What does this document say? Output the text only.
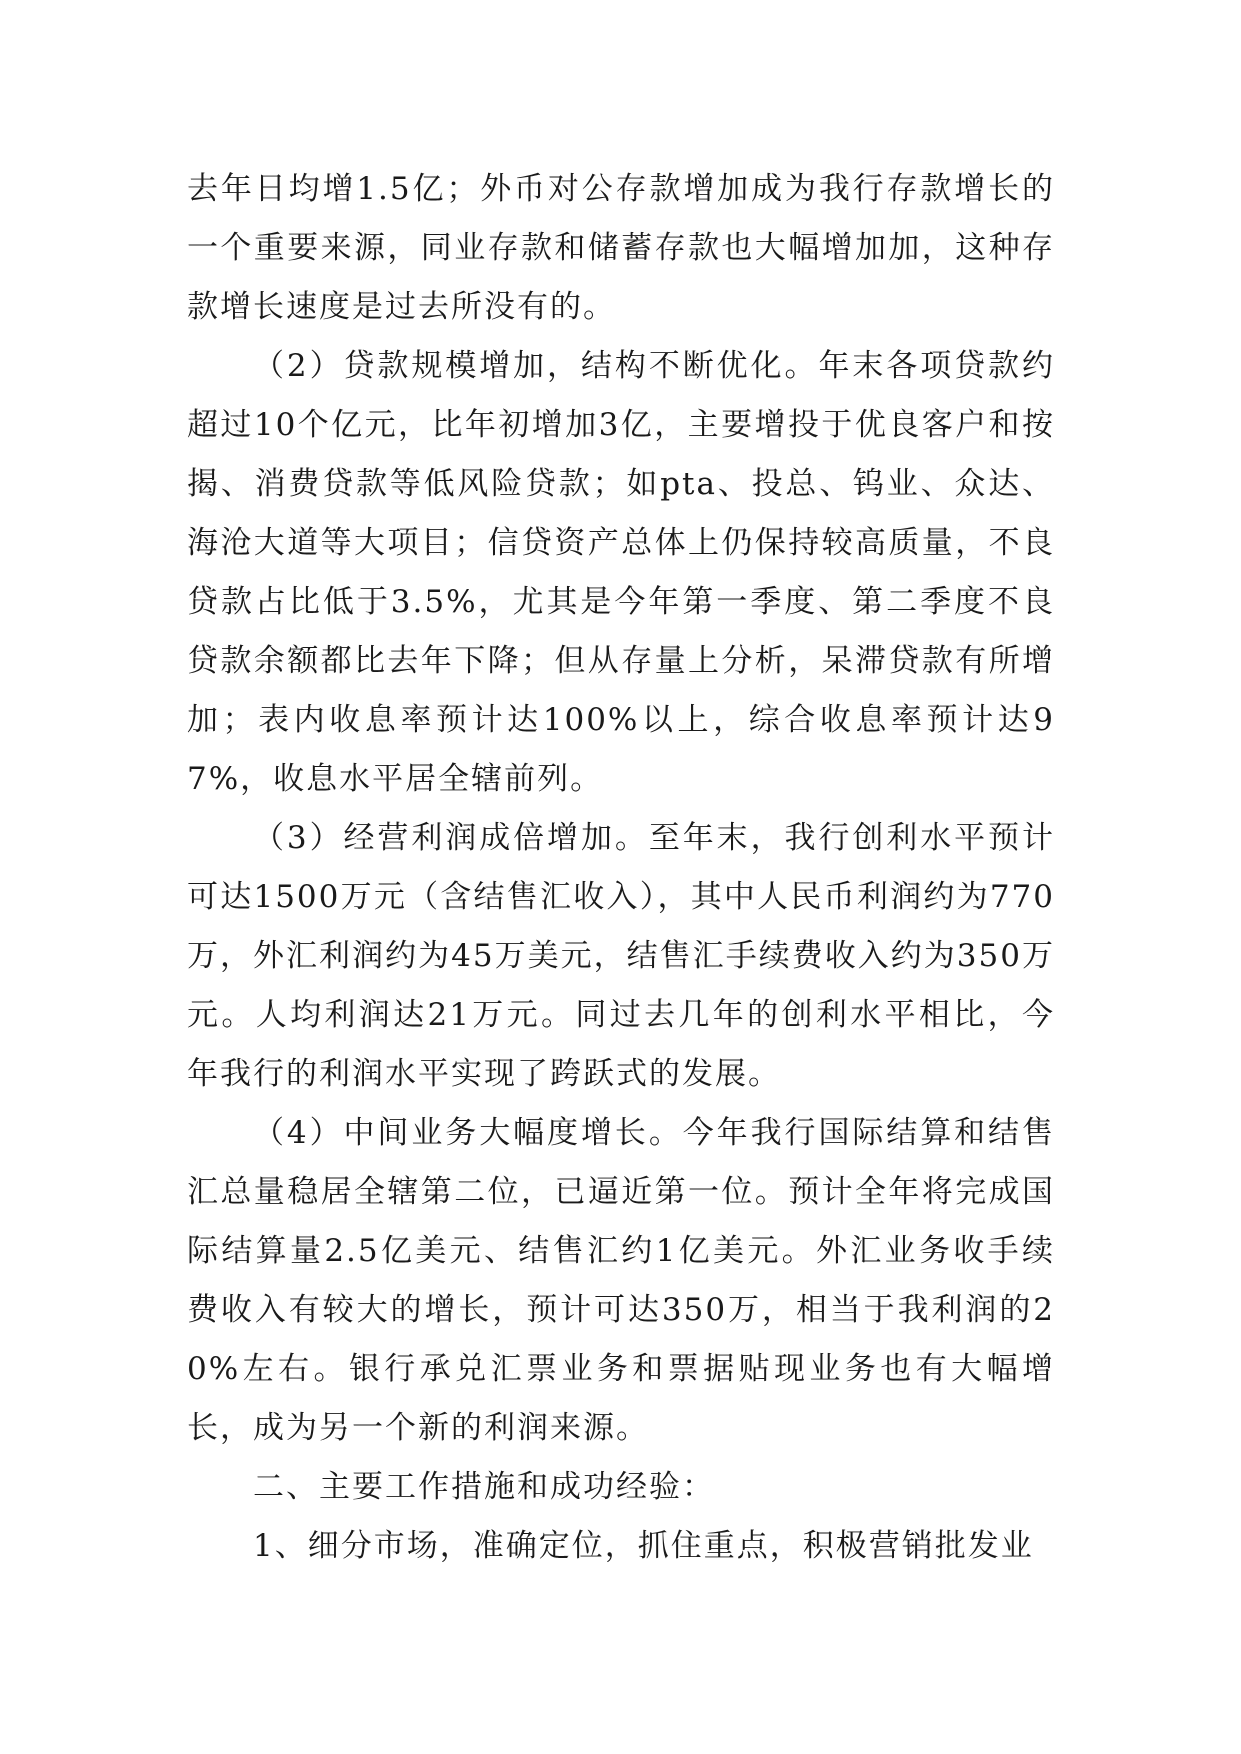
去年日均增1.5亿；外币对公存款增加成为我行存款增长的一个重要来源，同业存款和储蓄存款也大幅增加加，这种存款增长速度是过去所没有的。

（2）贷款规模增加，结构不断优化。年末各项贷款约超过10个亿元，比年初增加3亿，主要增投于优良客户和按揭、消费贷款等低风险贷款；如pta、投总、钨业、众达、海沧大道等大项目；信贷资产总体上仍保持较高质量，不良贷款占比低于3.5%，尤其是今年第一季度、第二季度不良贷款余额都比去年下降；但从存量上分析，呆滞贷款有所增加；表内收息率预计达100%以上，综合收息率预计达97%，收息水平居全辖前列。

（3）经营利润成倍增加。至年末，我行创利水平预计可达1500万元（含结售汇收入），其中人民币利润约为770万，外汇利润约为45万美元，结售汇手续费收入约为350万元。人均利润达21万元。同过去几年的创利水平相比，今年我行的利润水平实现了跨跃式的发展。

（4）中间业务大幅度增长。今年我行国际结算和结售汇总量稳居全辖第二位，已逼近第一位。预计全年将完成国际结算量2.5亿美元、结售汇约1亿美元。外汇业务收手续费收入有较大的增长，预计可达350万，相当于我利润的20%左右。银行承兑汇票业务和票据贴现业务也有大幅增长，成为另一个新的利润来源。

二、主要工作措施和成功经验：

1、细分市场，准确定位，抓住重点，积极营销批发业
